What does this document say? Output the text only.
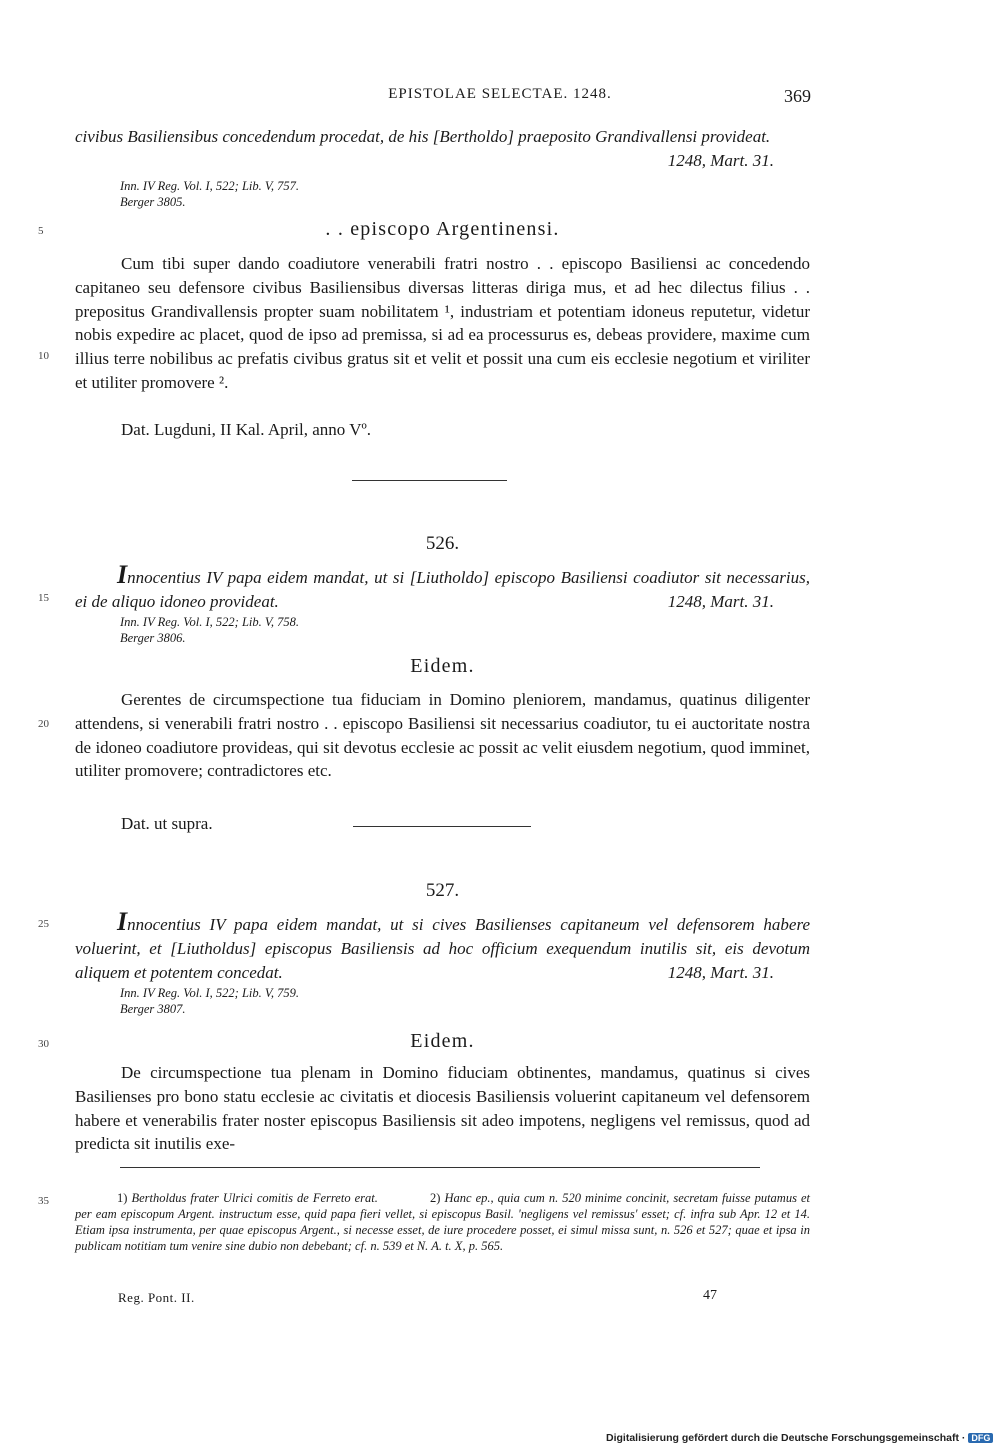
EPISTOLAE SELECTAE. 1248.	369
5
10
15
20
25
30
35
civibus Basiliensibus concedendum procedat, de his [Bertholdo] praeposito Grandivallensi provideat.
1248, Mart. 31.
Inn. IV Reg. Vol. I, 522; Lib. V, 757.
Berger 3805.
. . episcopo Argentinensi.
Cum tibi super dando coadiutore venerabili fratri nostro . . episcopo Basiliensi ac concedendo capitaneo seu defensore civibus Basiliensibus diversas litteras diriga mus, et ad hec dilectus filius . . prepositus Grandivallensis propter suam nobilitatem ¹, industriam et potentiam idoneus reputetur, videtur nobis expedire ac placet, quod de ipso ad premissa, si ad ea processurus es, debeas providere, maxime cum illius terre nobilibus ac prefatis civibus gratus sit et velit et possit una cum eis ecclesie negotium et viriliter et utiliter promovere ².
Dat. Lugduni, II Kal. April, anno Vº.
526.
Innocentius IV papa eidem mandat, ut si [Liutholdo] episcopo Basiliensi coadiutor sit necessarius, ei de aliquo idoneo provideat.	1248, Mart. 31.
Inn. IV Reg. Vol. I, 522; Lib. V, 758.
Berger 3806.
Eidem.
Gerentes de circumspectione tua fiduciam in Domino pleniorem, mandamus, quatinus diligenter attendens, si venerabili fratri nostro . . episcopo Basiliensi sit necessarius coadiutor, tu ei auctoritate nostra de idoneo coadiutore provideas, qui sit devotus ecclesie ac possit ac velit eiusdem negotium, quod imminet, utiliter promovere; contradictores etc.
Dat. ut supra.
527.
Innocentius IV papa eidem mandat, ut si cives Basilienses capitaneum vel defensorem habere voluerint, et [Liutholdus] episcopus Basiliensis ad hoc officium exequendum inutilis sit, eis devotum aliquem et potentem concedat.	1248, Mart. 31.
Inn. IV Reg. Vol. I, 522; Lib. V, 759.
Berger 3807.
Eidem.
De circumspectione tua plenam in Domino fiduciam obtinentes, mandamus, quatinus si cives Basilienses pro bono statu ecclesie ac civitatis et diocesis Basiliensis voluerint capitaneum vel defensorem habere et venerabilis frater noster episcopus Basiliensis sit adeo impotens, negligens vel remissus, quod ad predicta sit inutilis exe-
1) Bertholdus frater Ulrici comitis de Ferreto erat.	2) Hanc ep., quia cum n. 520 minime concinit, secretam fuisse putamus et per eam episcopum Argent. instructum esse, quid papa fieri vellet, si episcopus Basil. 'negligens vel remissus' esset; cf. infra sub Apr. 12 et 14. Etiam ipsa instrumenta, per quae episcopus Argent., si necesse esset, de iure procedere posset, ei simul missa sunt, n. 526 et 527; quae et ipsa in publicam notitiam tum venire sine dubio non debebant; cf. n. 539 et N. A. t. X, p. 565.
Reg. Pont. II.	47
Digitalisierung gefördert durch die Deutsche Forschungsgemeinschaft · DFG
